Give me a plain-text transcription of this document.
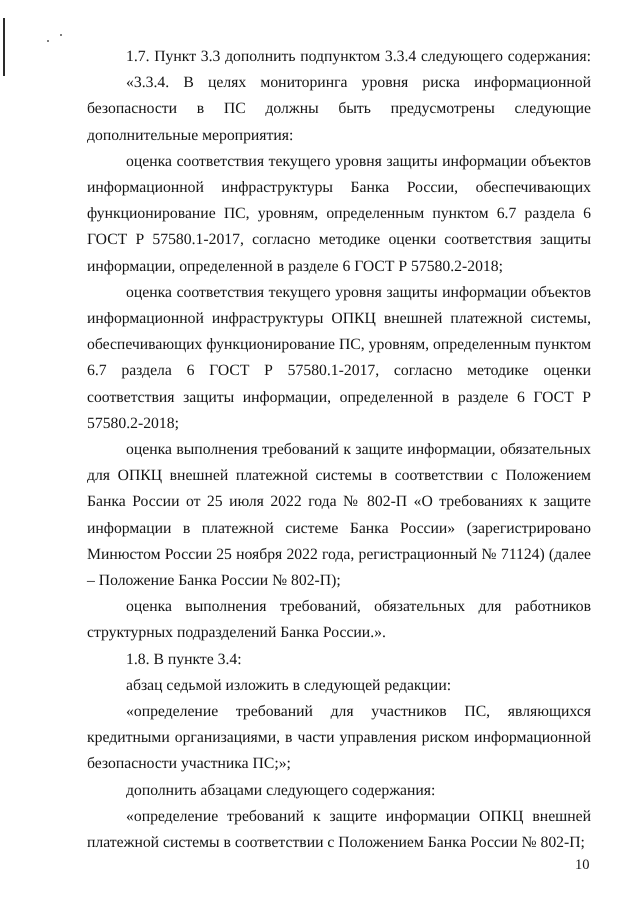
1.7. Пункт 3.3 дополнить подпунктом 3.3.4 следующего содержания:

«3.3.4. В целях мониторинга уровня риска информационной безопасности в ПС должны быть предусмотрены следующие дополнительные мероприятия:

оценка соответствия текущего уровня защиты информации объектов информационной инфраструктуры Банка России, обеспечивающих функционирование ПС, уровням, определенным пунктом 6.7 раздела 6 ГОСТ Р 57580.1-2017, согласно методике оценки соответствия защиты информации, определенной в разделе 6 ГОСТ Р 57580.2-2018;

оценка соответствия текущего уровня защиты информации объектов информационной инфраструктуры ОПКЦ внешней платежной системы, обеспечивающих функционирование ПС, уровням, определенным пунктом 6.7 раздела 6 ГОСТ Р 57580.1-2017, согласно методике оценки соответствия защиты информации, определенной в разделе 6 ГОСТ Р 57580.2-2018;

оценка выполнения требований к защите информации, обязательных для ОПКЦ внешней платежной системы в соответствии с Положением Банка России от 25 июля 2022 года № 802-П «О требованиях к защите информации в платежной системе Банка России» (зарегистрировано Минюстом России 25 ноября 2022 года, регистрационный № 71124) (далее – Положение Банка России № 802-П);

оценка выполнения требований, обязательных для работников структурных подразделений Банка России.».

1.8. В пункте 3.4:

абзац седьмой изложить в следующей редакции:

«определение требований для участников ПС, являющихся кредитными организациями, в части управления риском информационной безопасности участника ПС;»;

дополнить абзацами следующего содержания:

«определение требований к защите информации ОПКЦ внешней платежной системы в соответствии с Положением Банка России № 802-П;

10
